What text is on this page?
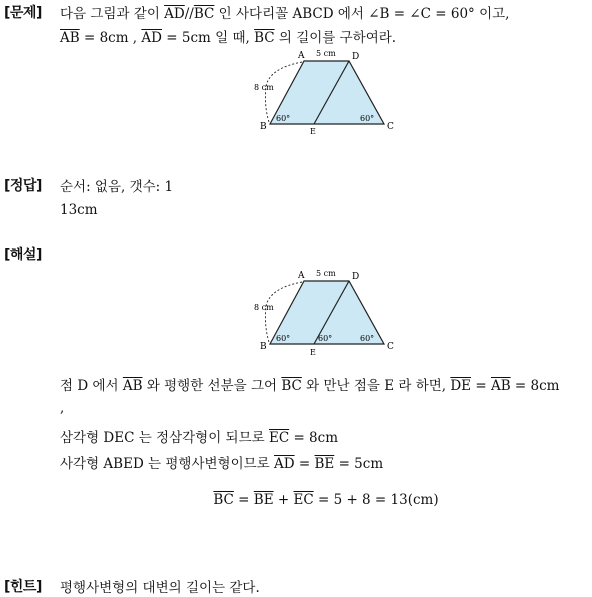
[문제] 다음 그림과 같이 $\overline{AD}//\overline{BC}$ 인 사다리꼴 ABCD 에서 ∠B = ∠C = 60° 이고,
$\overline{AB} = 8cm$ , $\overline{AD} = 5cm$ 일 때, $\overline{BC}$ 의 길이를 구하여라.
A	D
B	C
E
5 cm
8 cm
60°	60°
[정답] 순서: 없음, 갯수: 1
13cm
[해설]
A	D
B	C
E
5 cm
8 cm
60°	60°	60°
점 D 에서 $\overline{AB}$ 와 평행한 선분을 그어 $\overline{BC}$ 와 만난 점을 E 라 하면, $\overline{DE} = \overline{AB} = 8cm$
,
삼각형 DEC 는 정삼각형이 되므로 $\overline{EC} = 8cm$
사각형 ABED 는 평행사변형이므로 $\overline{AD} = \overline{BE} = 5cm$
$\overline{BC} = \overline{BE} + \overline{EC} = 5 + 8 = 13(cm)$
[힌트] 평행사변형의 대변의 길이는 같다.
